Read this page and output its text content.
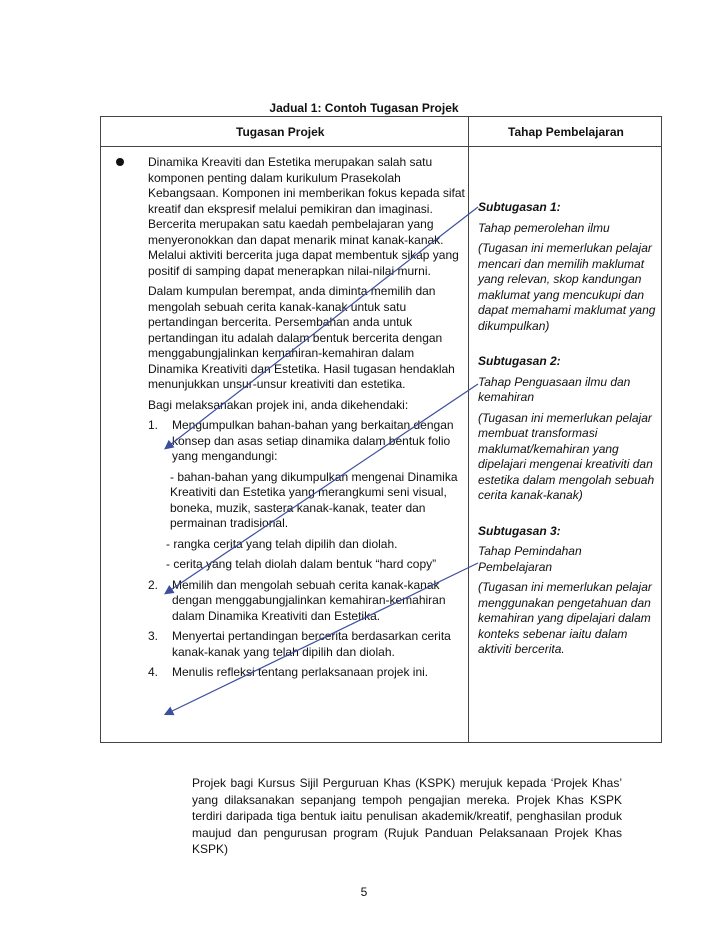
Jadual 1: Contoh Tugasan Projek
Tugasan Projek	Tahap Pembelajaran

Dinamika Kreaviti dan Estetika merupakan salah satu komponen penting dalam kurikulum Prasekolah Kebangsaan. Komponen ini memberikan fokus kepada sifat kreatif dan ekspresif melalui pemikiran dan imaginasi. Bercerita merupakan satu kaedah pembelajaran yang menyeronokkan dan dapat menarik minat kanak-kanak. Melalui aktiviti bercerita juga dapat membentuk sikap yang positif di samping dapat menerapkan nilai-nilai murni.

Dalam kumpulan berempat, anda diminta memilih dan mengolah sebuah cerita kanak-kanak untuk satu pertandingan bercerita. Persembahan anda untuk pertandingan itu adalah dalam bentuk bercerita dengan menggabungjalinkan kemahiran-kemahiran dalam Dinamika Kreativiti dan Estetika. Hasil tugasan hendaklah menunjukkan unsur-unsur kreativiti dan estetika.

Bagi melaksanakan projek ini, anda dikehendaki:

1. Mengumpulkan bahan-bahan yang berkaitan dengan konsep dan asas setiap dinamika dalam bentuk folio yang mengandungi:
- bahan-bahan yang dikumpulkan mengenai Dinamika Kreativiti dan Estetika yang merangkumi seni visual, boneka, muzik, sastera kanak-kanak, teater dan permainan tradisional.
- rangka cerita yang telah dipilih dan diolah.
- cerita yang telah diolah dalam bentuk “hard copy”
2. Memilih dan mengolah sebuah cerita kanak-kanak dengan menggabungjalinkan kemahiran-kemahiran dalam Dinamika Kreativiti dan Estetika.
3. Menyertai pertandingan bercerita berdasarkan cerita kanak-kanak yang telah dipilih dan diolah.
4. Menulis refleksi tentang perlaksanaan projek ini.

Subtugasan 1:

Tahap pemerolehan ilmu

(Tugasan ini memerlukan pelajar mencari dan memilih maklumat yang relevan, skop kandungan maklumat yang mencukupi dan dapat memahami maklumat yang dikumpulkan)

Subtugasan 2:

Tahap Penguasaan ilmu dan kemahiran

(Tugasan ini memerlukan pelajar membuat transformasi maklumat/kemahiran yang dipelajari mengenai kreativiti dan estetika dalam mengolah sebuah cerita kanak-kanak)

Subtugasan 3:

Tahap Pemindahan Pembelajaran

(Tugasan ini memerlukan pelajar menggunakan pengetahuan dan kemahiran yang dipelajari dalam konteks sebenar iaitu dalam aktiviti bercerita.

Projek bagi Kursus Sijil Perguruan Khas (KSPK) merujuk kepada ‘Projek Khas’ yang dilaksanakan sepanjang tempoh pengajian mereka. Projek Khas KSPK terdiri daripada tiga bentuk iaitu penulisan akademik/kreatif, penghasilan produk maujud dan pengurusan program (Rujuk Panduan Pelaksanaan Projek Khas KSPK)
5
